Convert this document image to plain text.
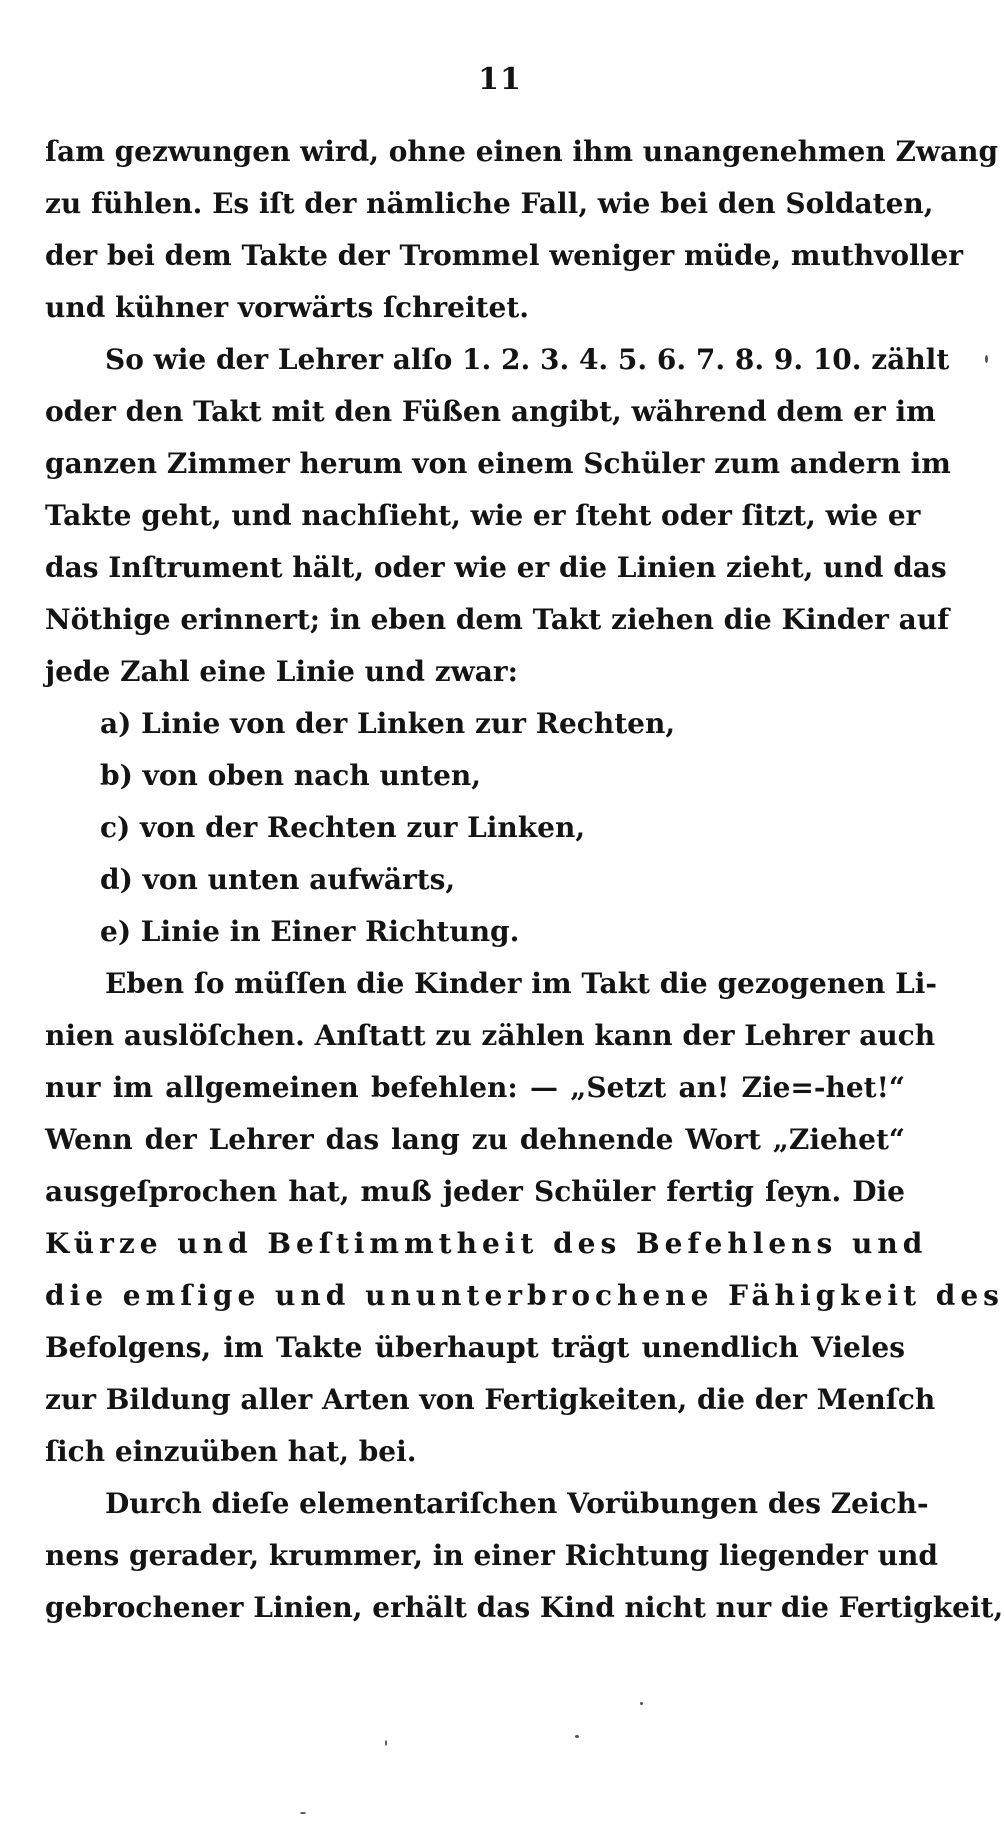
11
ſam gezwungen wird, ohne einen ihm unangenehmen Zwang
zu fühlen. Es iſt der nämliche Fall, wie bei den Soldaten,
der bei dem Takte der Trommel weniger müde, muthvoller
und kühner vorwärts ſchreitet.
So wie der Lehrer alſo 1. 2. 3. 4. 5. 6. 7. 8. 9. 10. zählt
oder den Takt mit den Füßen angibt, während dem er im
ganzen Zimmer herum von einem Schüler zum andern im
Takte geht, und nachſieht, wie er ſteht oder ſitzt, wie er
das Inſtrument hält, oder wie er die Linien zieht, und das
Nöthige erinnert; in eben dem Takt ziehen die Kinder auf
jede Zahl eine Linie und zwar:
a) Linie von der Linken zur Rechten,
b) von oben nach unten,
c) von der Rechten zur Linken,
d) von unten aufwärts,
e) Linie in Einer Richtung.
Eben ſo müſſen die Kinder im Takt die gezogenen Li-
nien auslöſchen. Anſtatt zu zählen kann der Lehrer auch
nur im allgemeinen befehlen: — „Setzt an! Zie=-het!“
Wenn der Lehrer das lang zu dehnende Wort „Ziehet“
ausgeſprochen hat, muß jeder Schüler fertig ſeyn. Die
Kürze und Beſtimmtheit des Befehlens und
die emſige und ununterbrochene Fähigkeit des
Befolgens, im Takte überhaupt trägt unendlich Vieles
zur Bildung aller Arten von Fertigkeiten, die der Menſch
ſich einzuüben hat, bei.
Durch dieſe elementariſchen Vorübungen des Zeich-
nens gerader, krummer, in einer Richtung liegender und
gebrochener Linien, erhält das Kind nicht nur die Fertigkeit,
